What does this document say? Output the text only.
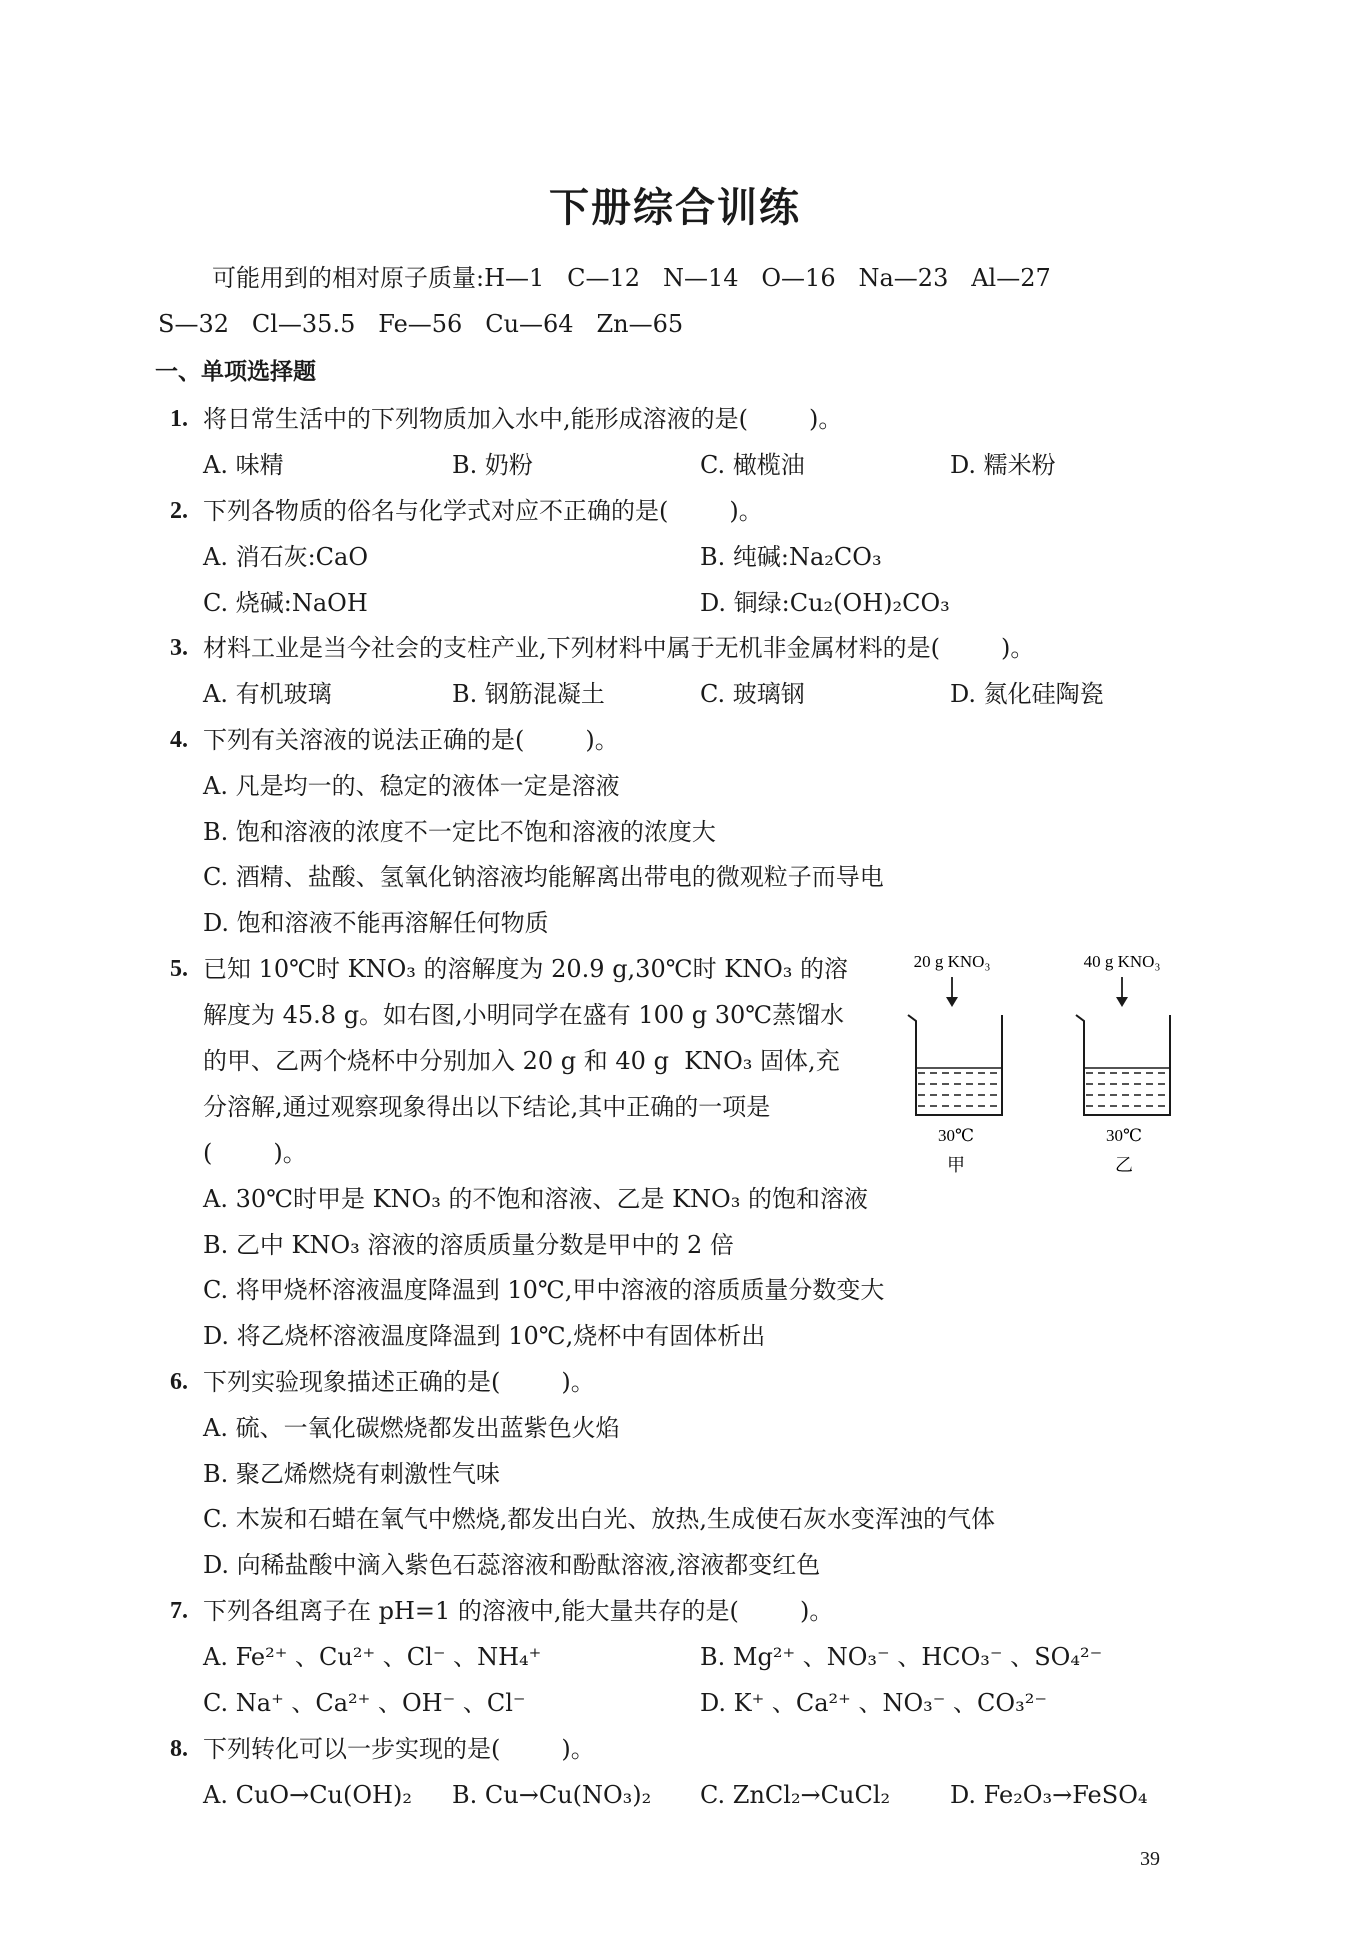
下册综合训练
可能用到的相对原子质量:H—1   C—12   N—14   O—16   Na—23   Al—27
S—32   Cl—35.5   Fe—56   Cu—64   Zn—65
一、单项选择题
1. 将日常生活中的下列物质加入水中,能形成溶液的是(        )。
A. 味精	B. 奶粉	C. 橄榄油	D. 糯米粉
2. 下列各物质的俗名与化学式对应不正确的是(        )。
A. 消石灰:CaO	B. 纯碱:Na₂CO₃
C. 烧碱:NaOH	D. 铜绿:Cu₂(OH)₂CO₃
3. 材料工业是当今社会的支柱产业,下列材料中属于无机非金属材料的是(        )。
A. 有机玻璃	B. 钢筋混凝土	C. 玻璃钢	D. 氮化硅陶瓷
4. 下列有关溶液的说法正确的是(        )。
A. 凡是均一的、稳定的液体一定是溶液
B. 饱和溶液的浓度不一定比不饱和溶液的浓度大
C. 酒精、盐酸、氢氧化钠溶液均能解离出带电的微观粒子而导电
D. 饱和溶液不能再溶解任何物质
5. 已知 10℃时 KNO₃ 的溶解度为 20.9 g,30℃时 KNO₃ 的溶
解度为 45.8 g。如右图,小明同学在盛有 100 g 30℃蒸馏水
的甲、乙两个烧杯中分别加入 20 g 和 40 g  KNO₃ 固体,充
分溶解,通过观察现象得出以下结论,其中正确的一项是
(        )。
20 g KNO₃
30℃
甲
40 g KNO₃
30℃
乙
A. 30℃时甲是 KNO₃ 的不饱和溶液、乙是 KNO₃ 的饱和溶液
B. 乙中 KNO₃ 溶液的溶质质量分数是甲中的 2 倍
C. 将甲烧杯溶液温度降温到 10℃,甲中溶液的溶质质量分数变大
D. 将乙烧杯溶液温度降温到 10℃,烧杯中有固体析出
6. 下列实验现象描述正确的是(        )。
A. 硫、一氧化碳燃烧都发出蓝紫色火焰
B. 聚乙烯燃烧有刺激性气味
C. 木炭和石蜡在氧气中燃烧,都发出白光、放热,生成使石灰水变浑浊的气体
D. 向稀盐酸中滴入紫色石蕊溶液和酚酞溶液,溶液都变红色
7. 下列各组离子在 pH=1 的溶液中,能大量共存的是(        )。
A. Fe²⁺ 、Cu²⁺ 、Cl⁻ 、NH₄⁺	B. Mg²⁺ 、NO₃⁻ 、HCO₃⁻ 、SO₄²⁻
C. Na⁺ 、Ca²⁺ 、OH⁻ 、Cl⁻	D. K⁺ 、Ca²⁺ 、NO₃⁻ 、CO₃²⁻
8. 下列转化可以一步实现的是(        )。
A. CuO→Cu(OH)₂ B. Cu→Cu(NO₃)₂ C. ZnCl₂→CuCl₂ D. Fe₂O₃→FeSO₄
39
